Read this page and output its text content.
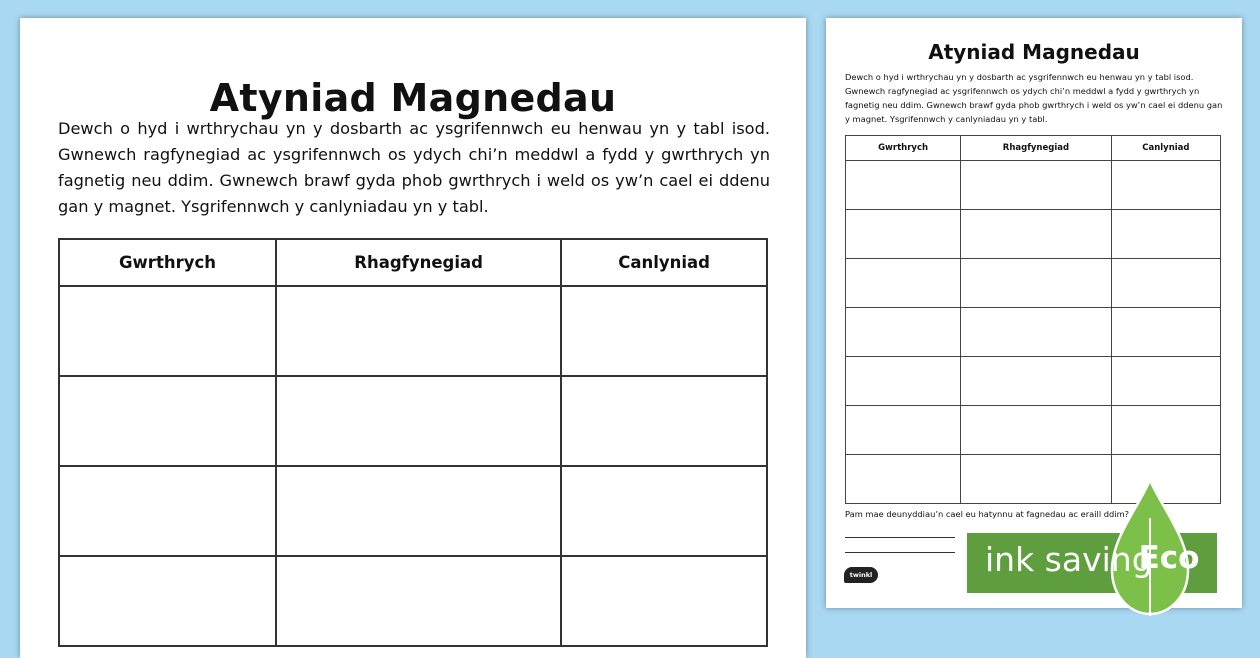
Atyniad Magnedau
Dewch o hyd i wrthrychau yn y dosbarth ac ysgrifennwch eu henwau yn y tabl isod. Gwnewch ragfynegiad ac ysgrifennwch os ydych chi’n meddwl a fydd y gwrthrych yn fagnetig neu ddim. Gwnewch brawf gyda phob gwrthrych i weld os yw’n cael ei ddenu gan y magnet. Ysgrifennwch y canlyniadau yn y tabl.
Gwrthrych	Rhagfynegiad	Canlyniad

Atyniad Magnedau
Dewch o hyd i wrthrychau yn y dosbarth ac ysgrifennwch eu henwau yn y tabl isod. Gwnewch ragfynegiad ac ysgrifennwch os ydych chi’n meddwl a fydd y gwrthrych yn fagnetig neu ddim. Gwnewch brawf gyda phob gwrthrych i weld os yw’n cael ei ddenu gan y magnet. Ysgrifennwch y canlyniadau yn y tabl.
Gwrthrych	Rhagfynegiad	Canlyniad

Pam mae deunyddiau’n cael eu hatynnu at fagnedau ac eraill ddim?
twinkl	ink saving
Eco
